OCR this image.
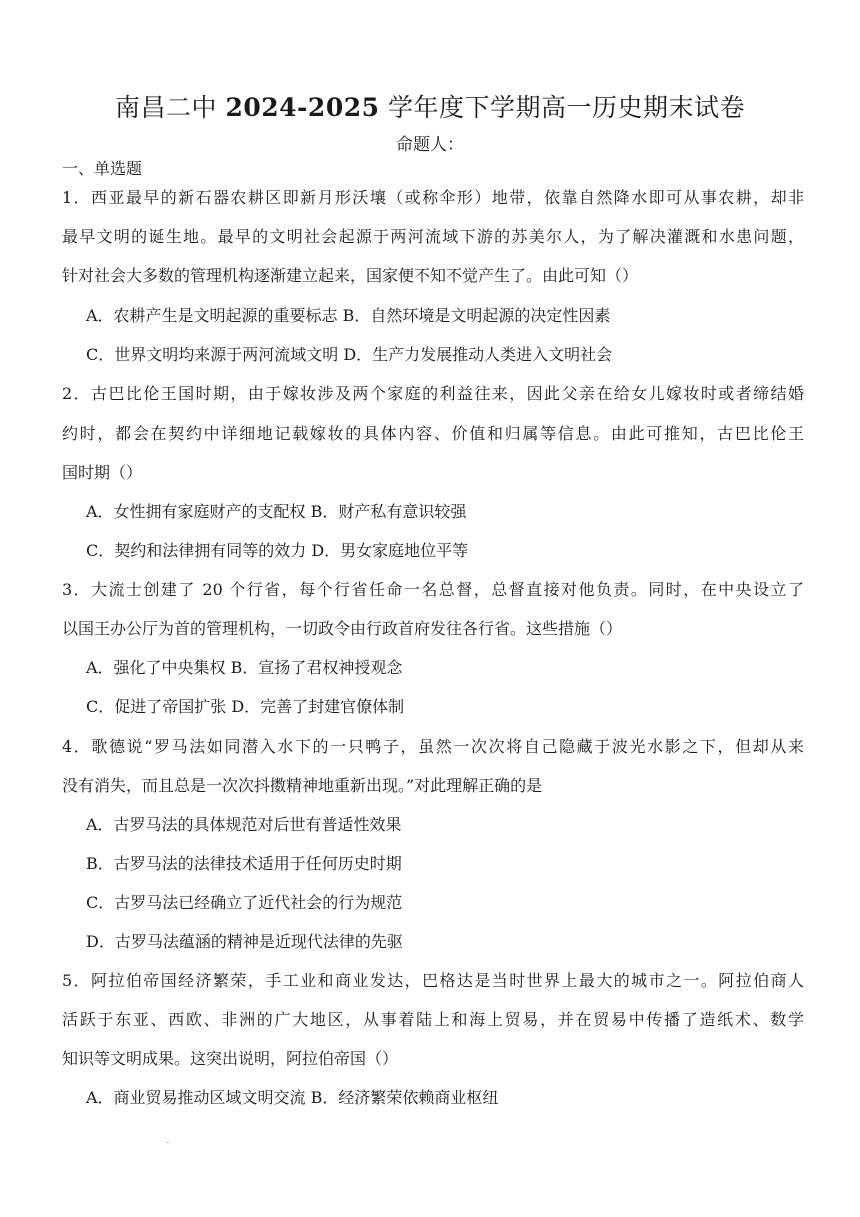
南昌二中 2024-2025 学年度下学期高一历史期末试卷
命题人：
一、单选题
1．西亚最早的新石器农耕区即新月形沃壤（或称伞形）地带，依靠自然降水即可从事农耕，却非
最早文明的诞生地。最早的文明社会起源于两河流域下游的苏美尔人，为了解决灌溉和水患问题，
针对社会大多数的管理机构逐渐建立起来，国家便不知不觉产生了。由此可知（）
A．农耕产生是文明起源的重要标志 B．自然环境是文明起源的决定性因素
C．世界文明均来源于两河流域文明 D．生产力发展推动人类进入文明社会
2．古巴比伦王国时期，由于嫁妆涉及两个家庭的利益往来，因此父亲在给女儿嫁妆时或者缔结婚
约时，都会在契约中详细地记载嫁妆的具体内容、价值和归属等信息。由此可推知，古巴比伦王
国时期（）
A．女性拥有家庭财产的支配权 B．财产私有意识较强
C．契约和法律拥有同等的效力 D．男女家庭地位平等
3．大流士创建了 20 个行省，每个行省任命一名总督，总督直接对他负责。同时，在中央设立了
以国王办公厅为首的管理机构，一切政令由行政首府发往各行省。这些措施（）
A．强化了中央集权 B．宣扬了君权神授观念
C．促进了帝国扩张 D．完善了封建官僚体制
4．歌德说“罗马法如同潜入水下的一只鸭子，虽然一次次将自己隐藏于波光水影之下，但却从来
没有消失，而且总是一次次抖擞精神地重新出现。”对此理解正确的是
A．古罗马法的具体规范对后世有普适性效果
B．古罗马法的法律技术适用于任何历史时期
C．古罗马法已经确立了近代社会的行为规范
D．古罗马法蕴涵的精神是近现代法律的先驱
5．阿拉伯帝国经济繁荣，手工业和商业发达，巴格达是当时世界上最大的城市之一。阿拉伯商人
活跃于东亚、西欧、非洲的广大地区，从事着陆上和海上贸易，并在贸易中传播了造纸术、数学
知识等文明成果。这突出说明，阿拉伯帝国（）
A．商业贸易推动区域文明交流 B．经济繁荣依赖商业枢纽
